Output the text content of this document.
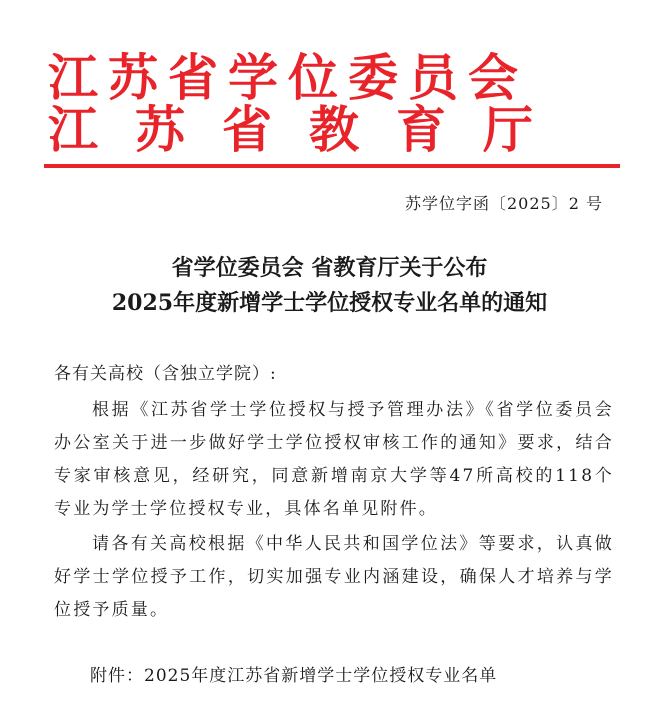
江苏省学位委员会
江苏省教育厅
苏学位字函〔2025〕2 号
省学位委员会 省教育厅关于公布
2025年度新增学士学位授权专业名单的通知
各有关高校（含独立学院）:
根据《江苏省学士学位授权与授予管理办法》《省学位委员会办公室关于进一步做好学士学位授权审核工作的通知》要求，结合专家审核意见，经研究，同意新增南京大学等47所高校的118个专业为学士学位授权专业，具体名单见附件。
请各有关高校根据《中华人民共和国学位法》等要求，认真做好学士学位授予工作，切实加强专业内涵建设，确保人才培养与学位授予质量。
附件：2025年度江苏省新增学士学位授权专业名单
